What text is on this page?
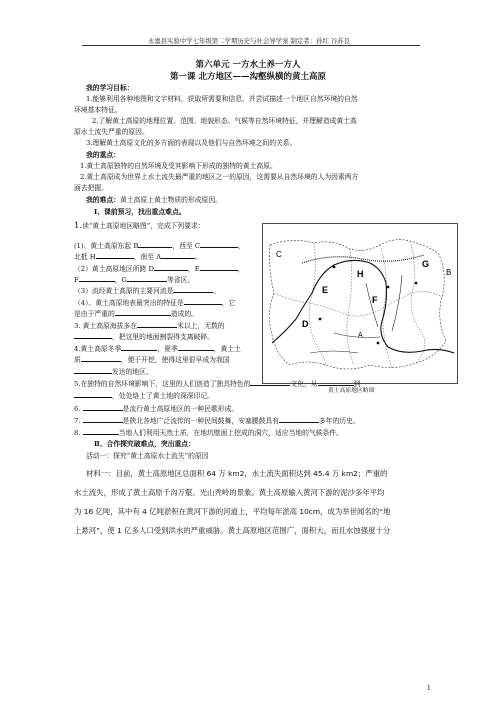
永嘉县实验中学七年级第二学期历史与社会导学案 制定者：孙红 谷苏良
第六单元 一方水土养一方人
第一课 北方地区——沟壑纵横的黄土高原
我的学习目标：
1.能够利用各种地图和文字材料，获取所需要和信息，并尝试描述一个地区自然环境的自然
环境基本特征。
2.了解黄土高原的地理位置、范围、地貌形态、气候等自然环境特征，并理解造成黄土高
原水土流失严重的原因。
3.理解黄土高原文化的多方面的表现以及他们与自然环境之间的关系。
我的重点：
1.黄土高原独特的自然环境及受其影响下形成的独特的黄土高原。
2.黄土高原成为世界上水土流失最严重的地区之一的原因，这需要从自然环境的人为因素两方
面去把握。
我的难点：黄土高原上黄土物质的形成原因。
Ⅰ、课前预习，找出重点难点。
1.读“黄土高原地区略图”，完成下列要求：
(1)、黄土高原东起 B	，西至 C	，
北抵 H	，南至 A	。
（2）黄土高原地区所跨 D	，E	，
F	，G	等省区。
（3）流经黄土高原的主要河流是	。
（4）、黄土高原地表最突出的特征是	，它
是由于严重的	造成的。
3. 黄土高原海拔多在	米以上，无数的
，把这里的地面割裂得支离破碎。
4.黄土高原冬季	，夏季	，黄土土
质	，便于开挖，使得这里很早成为我国
发达的地区。
H
E
F
G
B
C
D
A
黄土高原地区略图
5.在独特的自然环境影响下，这里的人们创造了独具特色的	文化，从	到
，处处烙上了黄土地的深深印记。
6.	是流行黄土高原地区的一种民歌形成。
7.	是陕北各地广泛流传的一种民间鼓舞，安塞腰鼓具有	多年的历史。
8.	当地人们利用天然土质，在地坑壁面上挖成的洞穴，适应当地的气候条件。
Ⅱ、合作探究破难点，突出重点：
活动一：探究“黄土高原水土流失”的原因
材料一：目前，黄土高原地区总面积 64 万 km2，水土流失面积达到 45.4 万 km2；严重的
水土流失，形成了黄土高原千沟万壑、光山秃岭的景象。黄土高原输入黄河下游的泥沙多年平均
为 16 亿吨，其中有 4 亿吨淤积在黄河下游的河道上，平均每年淤高 10cm，成为举世闻名的“地
上悬河”，使 1 亿多人口受到洪水的严重威胁。黄土高原地区范围广，面积大，而且水蚀强度十分
1
